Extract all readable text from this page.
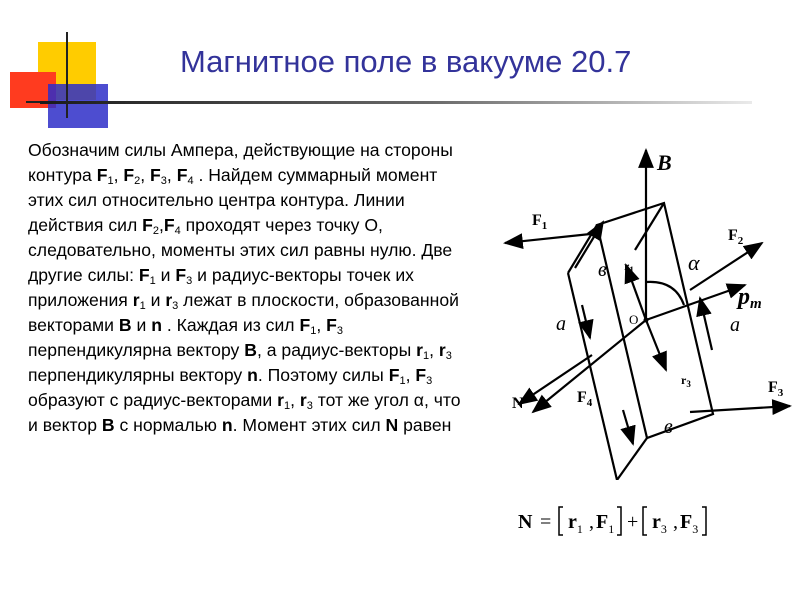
Магнитное поле в вакууме 20.7
Обозначим силы Ампера, действующие на стороны контура $F_1$, $F_2$, $F_3$, $F_4$ . Найдем суммарный момент этих сил относительно центра контура. Линии действия сил $F_2,F_4$ проходят через точку О, следовательно, моменты этих сил равны нулю. Две другие силы: $F_1$ и $F_3$ и радиус-векторы точек их приложения $r_1$ и $r_3$ лежат в плоскости, образованной векторами B и n . Каждая из сил $F_1$, $F_3$ перпендикулярна вектору B, а радиус-векторы $r_1$, $r_3$ перпендикулярны вектору n. Поэтому силы $F_1$, $F_3$ образуют с радиус-векторами $r_1$, $r_3$ тот же угол α, что и вектор B с нормалью n. Момент этих сил N равен
B
$F_1$
$F_2$
$F_3$
$F_4$
$r_1$
$r_3$
α
pm
O
N
a	a
в
в
$N = r_1$ , $F_1 + r_3$ , $F_3$
